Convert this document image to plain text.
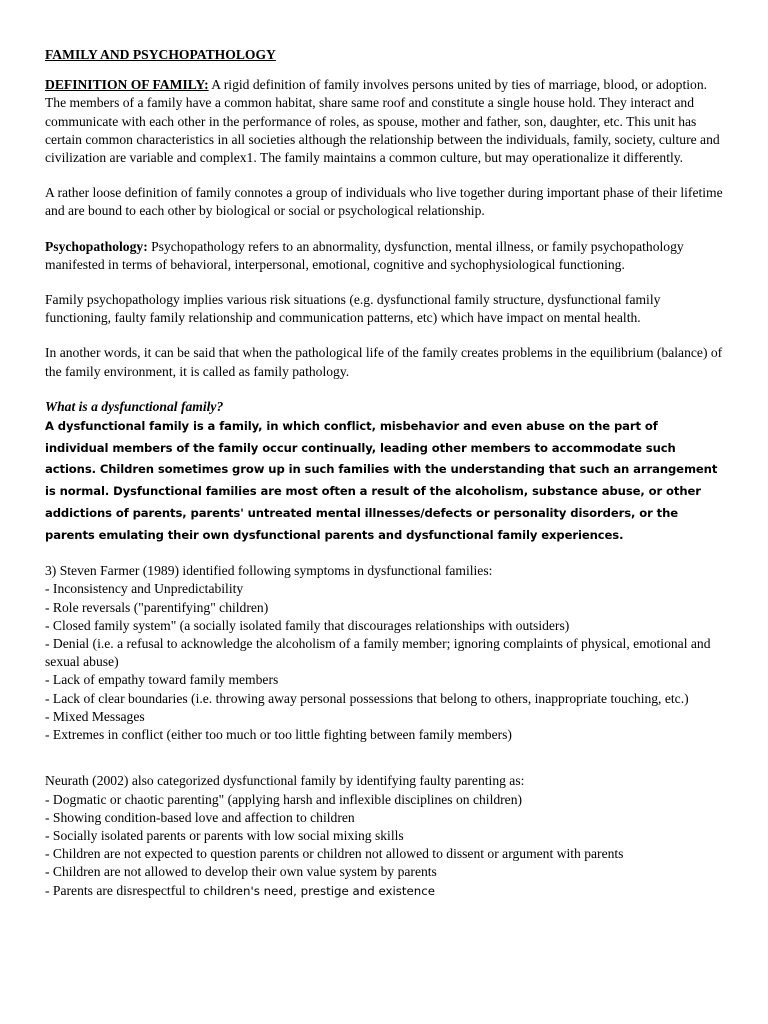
FAMILY AND PSYCHOPATHOLOGY

DEFINITION OF FAMILY: A rigid definition of family involves persons united by ties of marriage, blood, or adoption. The members of a family have a common habitat, share same roof and constitute a single house hold. They interact and communicate with each other in the performance of roles, as spouse, mother and father, son, daughter, etc. This unit has certain common characteristics in all societies although the relationship between the individuals, family, society, culture and civilization are variable and complex1. The family maintains a common culture, but may operationalize it differently.

A rather loose definition of family connotes a group of individuals who live together during important phase of their lifetime and are bound to each other by biological or social or psychological relationship.

Psychopathology: Psychopathology refers to an abnormality, dysfunction, mental illness, or family psychopathology manifested in terms of behavioral, interpersonal, emotional, cognitive and sychophysiological functioning.

Family psychopathology implies various risk situations (e.g. dysfunctional family structure, dysfunctional family functioning, faulty family relationship and communication patterns, etc) which have impact on mental health.

In another words, it can be said that when the pathological life of the family creates problems in the equilibrium (balance) of the family environment, it is called as family pathology.

What is a dysfunctional family?
A dysfunctional family is a family, in which conflict, misbehavior and even abuse on the part of individual members of the family occur continually, leading other members to accommodate such actions. Children sometimes grow up in such families with the understanding that such an arrangement is normal. Dysfunctional families are most often a result of the alcoholism, substance abuse, or other addictions of parents, parents' untreated mental illnesses/defects or personality disorders, or the parents emulating their own dysfunctional parents and dysfunctional family experiences.
3) Steven Farmer (1989) identified following symptoms in dysfunctional families:
- Inconsistency and Unpredictability
- Role reversals ("parentifying" children)
- Closed family system" (a socially isolated family that discourages relationships with outsiders)
- Denial (i.e. a refusal to acknowledge the alcoholism of a family member; ignoring complaints of physical, emotional and sexual abuse)
- Lack of empathy toward family members
- Lack of clear boundaries (i.e. throwing away personal possessions that belong to others, inappropriate touching, etc.)
- Mixed Messages
- Extremes in conflict (either too much or too little fighting between family members)
Neurath (2002) also categorized dysfunctional family by identifying faulty parenting as:
- Dogmatic or chaotic parenting" (applying harsh and inflexible disciplines on children)
- Showing condition-based love and affection to children
- Socially isolated parents or parents with low social mixing skills
- Children are not expected to question parents or children not allowed to dissent or argument with parents
- Children are not allowed to develop their own value system by parents
- Parents are disrespectful to children's need, prestige and existence
